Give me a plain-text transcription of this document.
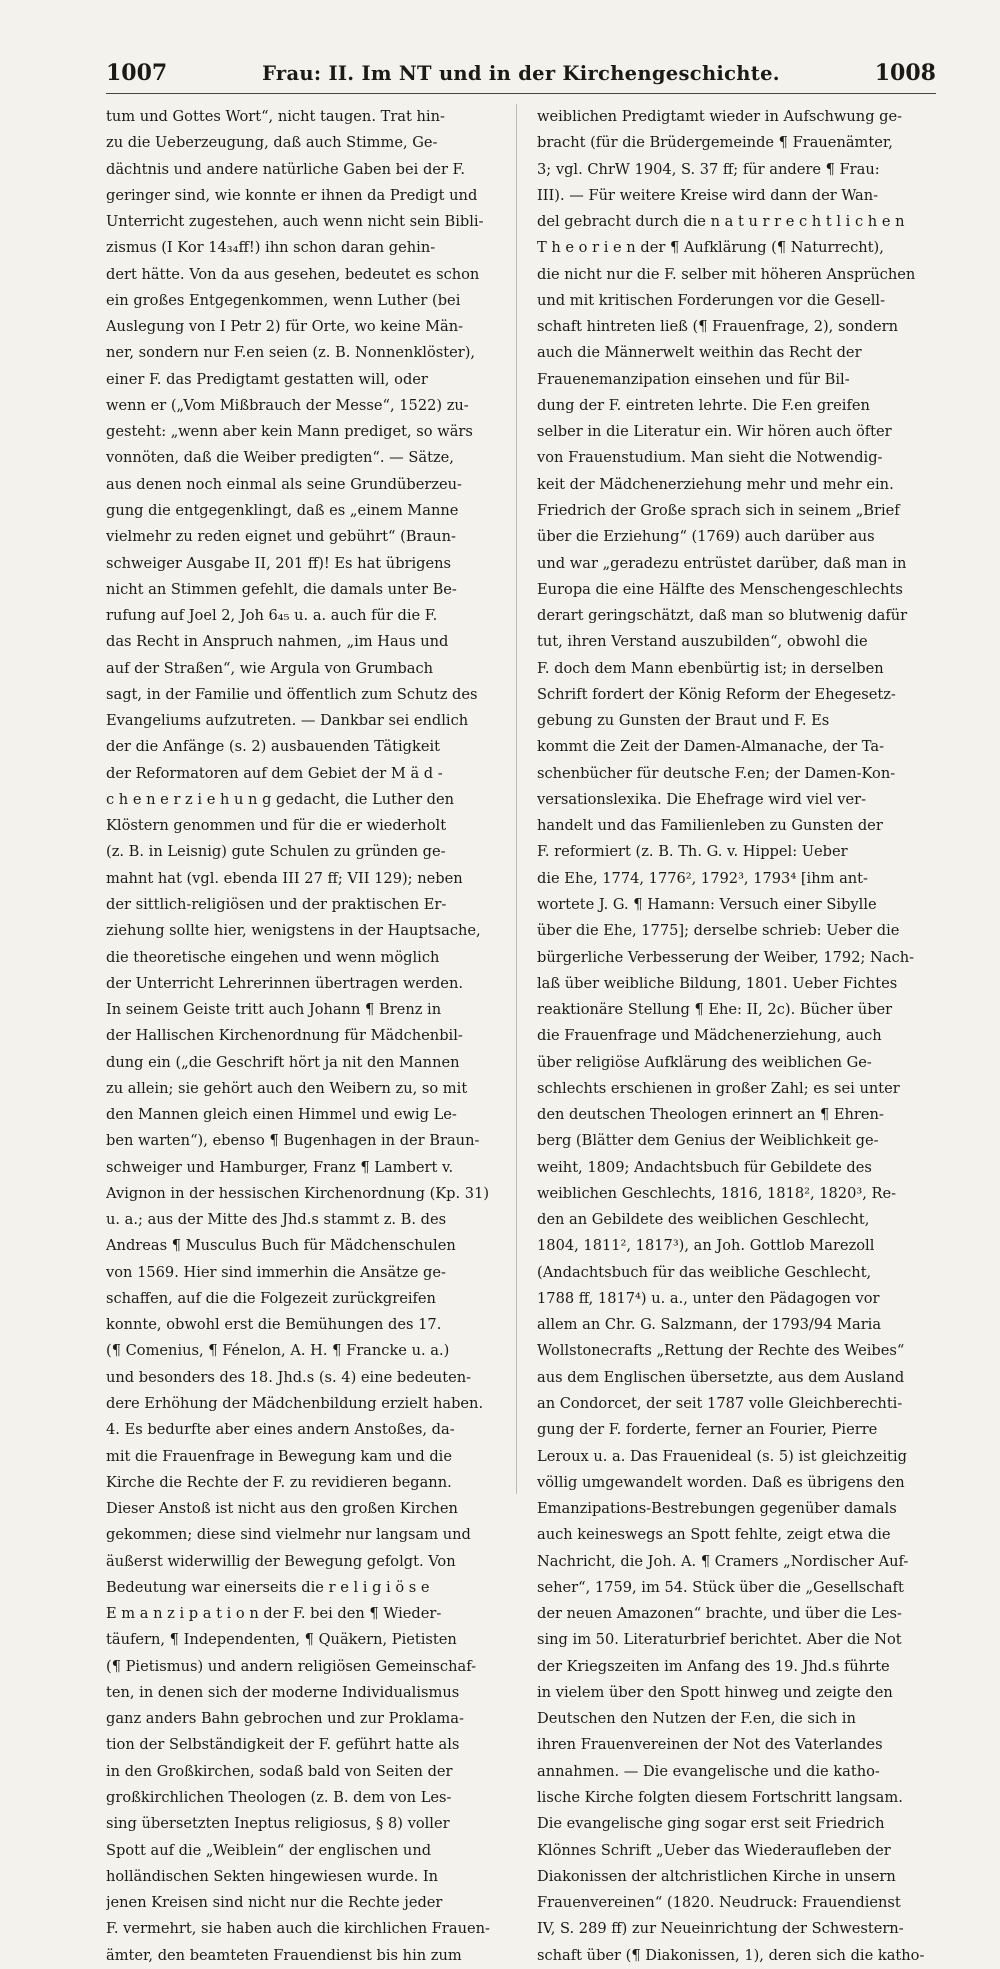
1007	Frau: II. Im NT und in der Kirchengeschichte.	1008
tum und Gottes Wort“, nicht taugen. Trat hin-
zu die Ueberzeugung, daß auch Stimme, Ge-
dächtnis und andere natürliche Gaben bei der F.
geringer sind, wie konnte er ihnen da Predigt und
Unterricht zugestehen, auch wenn nicht sein Bibli-
zismus (I Kor 14₃₄ff!) ihn schon daran gehin-
dert hätte. Von da aus gesehen, bedeutet es schon
ein großes Entgegenkommen, wenn Luther (bei
Auslegung von I Petr 2) für Orte, wo keine Män-
ner, sondern nur F.en seien (z. B. Nonnenklöster),
einer F. das Predigtamt gestatten will, oder
wenn er („Vom Mißbrauch der Messe“, 1522) zu-
gesteht: „wenn aber kein Mann prediget, so wärs
vonnöten, daß die Weiber predigten“. — Sätze,
aus denen noch einmal als seine Grundüberzeu-
gung die entgegenklingt, daß es „einem Manne
vielmehr zu reden eignet und gebührt“ (Braun-
schweiger Ausgabe II, 201 ff)! Es hat übrigens
nicht an Stimmen gefehlt, die damals unter Be-
rufung auf Joel 2, Joh 6₄₅ u. a. auch für die F.
das Recht in Anspruch nahmen, „im Haus und
auf der Straßen“, wie Argula von Grumbach
sagt, in der Familie und öffentlich zum Schutz des
Evangeliums aufzutreten. — Dankbar sei endlich
der die Anfänge (s. 2) ausbauenden Tätigkeit
der Reformatoren auf dem Gebiet der M ä d -
c h e n e r z i e h u n g gedacht, die Luther den
Klöstern genommen und für die er wiederholt
(z. B. in Leisnig) gute Schulen zu gründen ge-
mahnt hat (vgl. ebenda III 27 ff; VII 129); neben
der sittlich-religiösen und der praktischen Er-
ziehung sollte hier, wenigstens in der Hauptsache,
die theoretische eingehen und wenn möglich
der Unterricht Lehrerinnen übertragen werden.
In seinem Geiste tritt auch Johann ¶ Brenz in
der Hallischen Kirchenordnung für Mädchenbil-
dung ein („die Geschrift hört ja nit den Mannen
zu allein; sie gehört auch den Weibern zu, so mit
den Mannen gleich einen Himmel und ewig Le-
ben warten“), ebenso ¶ Bugenhagen in der Braun-
schweiger und Hamburger, Franz ¶ Lambert v.
Avignon in der hessischen Kirchenordnung (Kp. 31)
u. a.; aus der Mitte des Jhd.s stammt z. B. des
Andreas ¶ Musculus Buch für Mädchenschulen
von 1569. Hier sind immerhin die Ansätze ge-
schaffen, auf die die Folgezeit zurückgreifen
konnte, obwohl erst die Bemühungen des 17.
(¶ Comenius, ¶ Fénelon, A. H. ¶ Francke u. a.)
und besonders des 18. Jhd.s (s. 4) eine bedeuten-
dere Erhöhung der Mädchenbildung erzielt haben.
4. Es bedurfte aber eines andern Anstoßes, da-
mit die Frauenfrage in Bewegung kam und die
Kirche die Rechte der F. zu revidieren begann.
Dieser Anstoß ist nicht aus den großen Kirchen
gekommen; diese sind vielmehr nur langsam und
äußerst widerwillig der Bewegung gefolgt. Von
Bedeutung war einerseits die r e l i g i ö s e
E m a n z i p a t i o n der F. bei den ¶ Wieder-
täufern, ¶ Independenten, ¶ Quäkern, Pietisten
(¶ Pietismus) und andern religiösen Gemeinschaf-
ten, in denen sich der moderne Individualismus
ganz anders Bahn gebrochen und zur Proklama-
tion der Selbständigkeit der F. geführt hatte als
in den Großkirchen, sodaß bald von Seiten der
großkirchlichen Theologen (z. B. dem von Les-
sing übersetzten Ineptus religiosus, § 8) voller
Spott auf die „Weiblein“ der englischen und
holländischen Sekten hingewiesen wurde. In
jenen Kreisen sind nicht nur die Rechte jeder
F. vermehrt, sie haben auch die kirchlichen Frauen-
ämter, den beamteten Frauendienst bis hin zum
weiblichen Predigtamt wieder in Aufschwung ge-
bracht (für die Brüdergemeinde ¶ Frauenämter,
3; vgl. ChrW 1904, S. 37 ff; für andere ¶ Frau:
III). — Für weitere Kreise wird dann der Wan-
del gebracht durch die n a t u r r e c h t l i c h e n
T h e o r i e n der ¶ Aufklärung (¶ Naturrecht),
die nicht nur die F. selber mit höheren Ansprüchen
und mit kritischen Forderungen vor die Gesell-
schaft hintreten ließ (¶ Frauenfrage, 2), sondern
auch die Männerwelt weithin das Recht der
Frauenemanzipation einsehen und für Bil-
dung der F. eintreten lehrte. Die F.en greifen
selber in die Literatur ein. Wir hören auch öfter
von Frauenstudium. Man sieht die Notwendig-
keit der Mädchenerziehung mehr und mehr ein.
Friedrich der Große sprach sich in seinem „Brief
über die Erziehung“ (1769) auch darüber aus
und war „geradezu entrüstet darüber, daß man in
Europa die eine Hälfte des Menschengeschlechts
derart geringschätzt, daß man so blutwenig dafür
tut, ihren Verstand auszubilden“, obwohl die
F. doch dem Mann ebenbürtig ist; in derselben
Schrift fordert der König Reform der Ehegesetz-
gebung zu Gunsten der Braut und F. Es
kommt die Zeit der Damen-Almanache, der Ta-
schenbücher für deutsche F.en; der Damen-Kon-
versationslexika. Die Ehefrage wird viel ver-
handelt und das Familienleben zu Gunsten der
F. reformiert (z. B. Th. G. v. Hippel: Ueber
die Ehe, 1774, 1776², 1792³, 1793⁴ [ihm ant-
wortete J. G. ¶ Hamann: Versuch einer Sibylle
über die Ehe, 1775]; derselbe schrieb: Ueber die
bürgerliche Verbesserung der Weiber, 1792; Nach-
laß über weibliche Bildung, 1801. Ueber Fichtes
reaktionäre Stellung ¶ Ehe: II, 2c). Bücher über
die Frauenfrage und Mädchenerziehung, auch
über religiöse Aufklärung des weiblichen Ge-
schlechts erschienen in großer Zahl; es sei unter
den deutschen Theologen erinnert an ¶ Ehren-
berg (Blätter dem Genius der Weiblichkeit ge-
weiht, 1809; Andachtsbuch für Gebildete des
weiblichen Geschlechts, 1816, 1818², 1820³, Re-
den an Gebildete des weiblichen Geschlecht,
1804, 1811², 1817³), an Joh. Gottlob Marezoll
(Andachtsbuch für das weibliche Geschlecht,
1788 ff, 1817⁴) u. a., unter den Pädagogen vor
allem an Chr. G. Salzmann, der 1793/94 Maria
Wollstonecrafts „Rettung der Rechte des Weibes“
aus dem Englischen übersetzte, aus dem Ausland
an Condorcet, der seit 1787 volle Gleichberechti-
gung der F. forderte, ferner an Fourier, Pierre
Leroux u. a. Das Frauenideal (s. 5) ist gleichzeitig
völlig umgewandelt worden. Daß es übrigens den
Emanzipations-Bestrebungen gegenüber damals
auch keineswegs an Spott fehlte, zeigt etwa die
Nachricht, die Joh. A. ¶ Cramers „Nordischer Auf-
seher“, 1759, im 54. Stück über die „Gesellschaft
der neuen Amazonen“ brachte, und über die Les-
sing im 50. Literaturbrief berichtet. Aber die Not
der Kriegszeiten im Anfang des 19. Jhd.s führte
in vielem über den Spott hinweg und zeigte den
Deutschen den Nutzen der F.en, die sich in
ihren Frauenvereinen der Not des Vaterlandes
annahmen. — Die evangelische und die katho-
lische Kirche folgten diesem Fortschritt langsam.
Die evangelische ging sogar erst seit Friedrich
Klönnes Schrift „Ueber das Wiederaufleben der
Diakonissen der altchristlichen Kirche in unsern
Frauenvereinen“ (1820. Neudruck: Frauendienst
IV, S. 289 ff) zur Neueinrichtung der Schwestern-
schaft über (¶ Diakonissen, 1), deren sich die katho-
